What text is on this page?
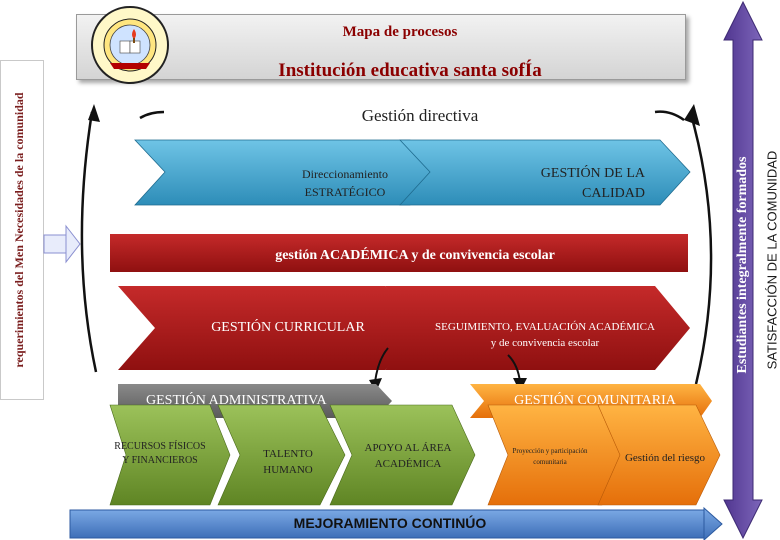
requerimientos del Men Necesidades de la comunidad
Mapa de procesos
Institución educativa santa sofÍa
Estudiantes integralmente formados SATISFACCIÓN DE LA COMUNIDAD
Gestión directiva
Direccionamiento ESTRATÉGICO
GESTIÓN DE LA CALIDAD
gestión ACADÉMICA y de convivencia escolar
GESTIÓN CURRICULAR	SEGUIMIENTO, EVALUACIÓN ACADÉMICA y de convivencia escolar
GESTIÓN ADMINISTRATIVA	GESTIÓN COMUNITARIA
RECURSOS FÍSICOS Y FINANCIEROS
TALENTO HUMANO
APOYO AL ÁREA ACADÉMICA
Proyección y participación comunitaria	Gestión del riesgo
MEJORAMIENTO CONTINÚO
